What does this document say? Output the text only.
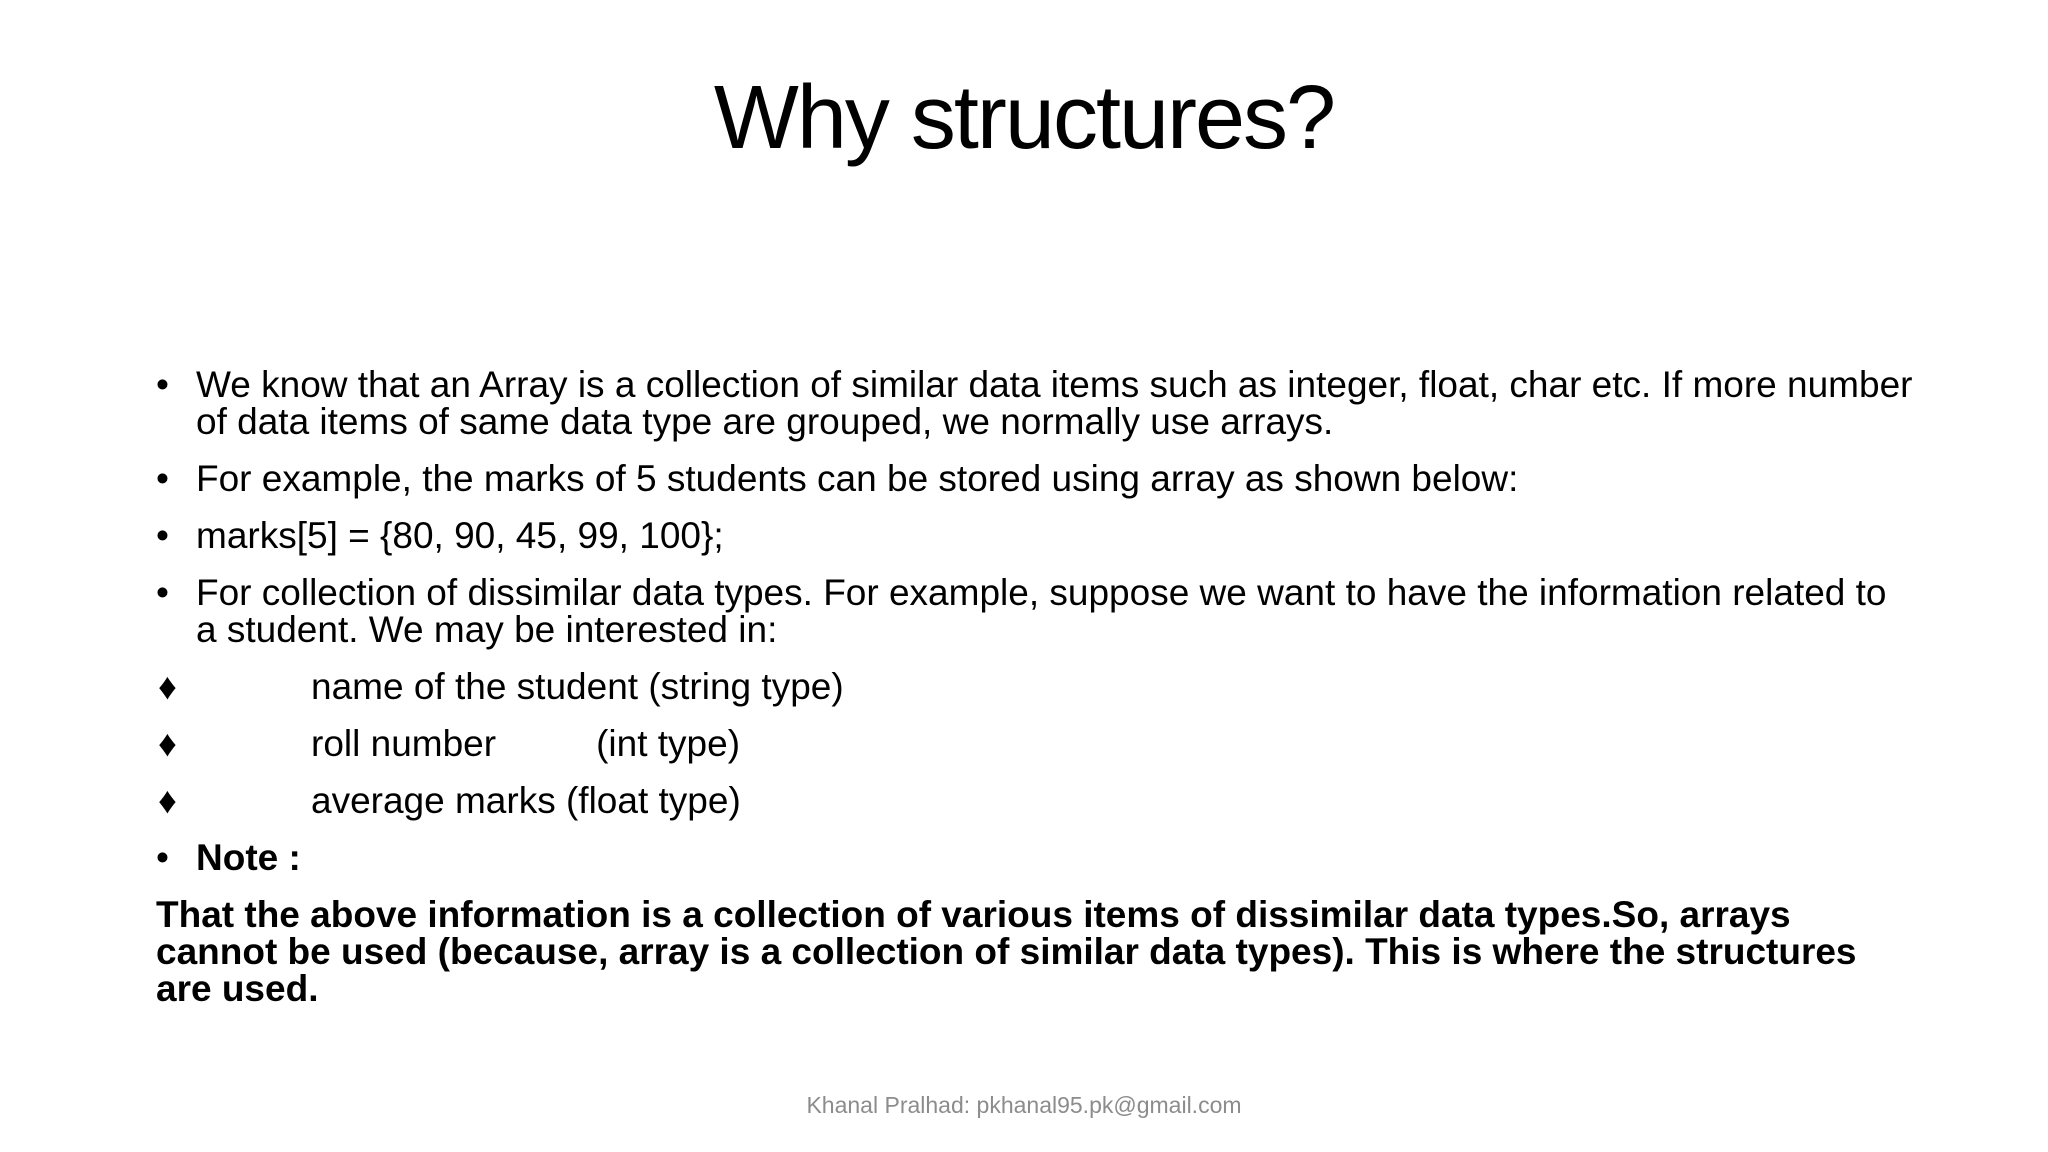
Why structures?
• We know that an Array is a collection of similar data items such as integer, float, char etc. If more number of data items of same data type are grouped, we normally use arrays.
• For example, the marks of 5 students can be stored using array as shown below:
• marks[5] = {80, 90, 45, 99, 100};
• For collection of dissimilar data types. For example, suppose we want to have the information related to a student. We may be interested in:
♦	name of the student (string type)
♦	roll number	(int type)
♦	average marks (float type)
• Note :
That the above information is a collection of various items of dissimilar data types.So, arrays cannot be used (because, array is a collection of similar data types). This is where the structures are used.
Khanal Pralhad: pkhanal95.pk@gmail.com
